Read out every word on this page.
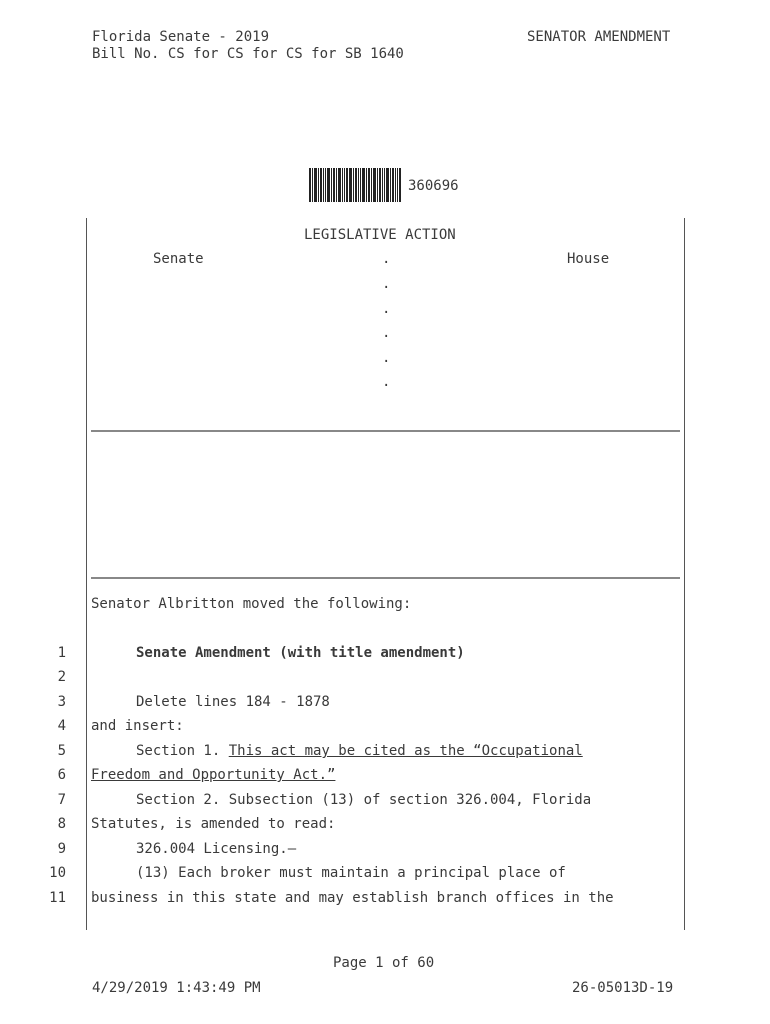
Florida Senate - 2019
Bill No. CS for CS for CS for SB 1640
SENATOR AMENDMENT
360696
LEGISLATIVE ACTION
Senate	House
.
.
.
.
.
.
Senator Albritton moved the following:
1	Senate Amendment (with title amendment)
2
3	Delete lines 184 - 1878
4 and insert:
5	Section 1. This act may be cited as the “Occupational
6 Freedom and Opportunity Act.”
7	Section 2. Subsection (13) of section 326.004, Florida
8 Statutes, is amended to read:
9	326.004 Licensing.—
10	(13) Each broker must maintain a principal place of
11 business in this state and may establish branch offices in the
Page 1 of 60
4/29/2019 1:43:49 PM	26-05013D-19
